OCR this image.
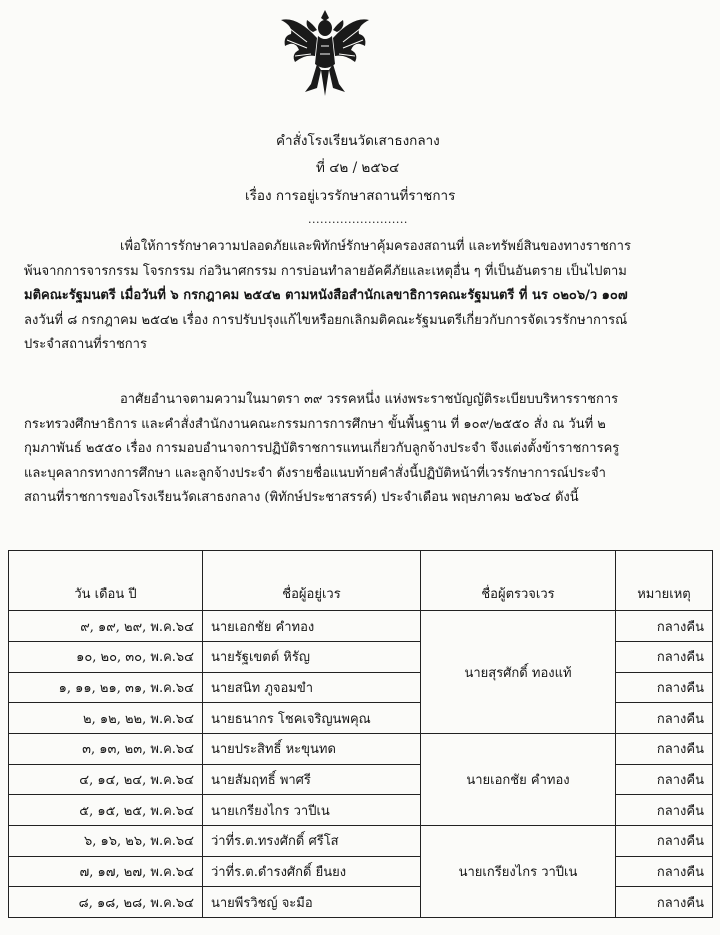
คำสั่งโรงเรียนวัดเสาธงกลาง
ที่ ๔๒ / ๒๕๖๔
เรื่อง การอยู่เวรรักษาสถานที่ราชการ
.........................
เพื่อให้การรักษาความปลอดภัยและพิทักษ์รักษาคุ้มครองสถานที่ และทรัพย์สินของทางราชการ
พ้นจากการจารกรรม โจรกรรม ก่อวินาศกรรม การบ่อนทำลายอัคคีภัยและเหตุอื่น ๆ ที่เป็นอันตราย เป็นไปตาม
มติคณะรัฐมนตรี เมื่อวันที่ ๖ กรกฎาคม ๒๕๔๒ ตามหนังสือสำนักเลขาธิการคณะรัฐมนตรี ที่ นร ๐๒๐๖/ว ๑๐๗
ลงวันที่ ๘ กรกฎาคม ๒๕๔๒ เรื่อง การปรับปรุงแก้ไขหรือยกเลิกมติคณะรัฐมนตรีเกี่ยวกับการจัดเวรรักษาการณ์
ประจำสถานที่ราชการ
อาศัยอำนาจตามความในมาตรา ๓๙ วรรคหนึ่ง แห่งพระราชบัญญัติระเบียบบริหารราชการ
กระทรวงศึกษาธิการ และคำสั่งสำนักงานคณะกรรมการการศึกษา ขั้นพื้นฐาน ที่ ๑๐๙/๒๕๕๐ สั่ง ณ วันที่ ๒
กุมภาพันธ์ ๒๕๕๐ เรื่อง การมอบอำนาจการปฏิบัติราชการแทนเกี่ยวกับลูกจ้างประจำ จึงแต่งตั้งข้าราชการครู
และบุคลากรทางการศึกษา และลูกจ้างประจำ ดังรายชื่อแนบท้ายคำสั่งนี้ปฏิบัติหน้าที่เวรรักษาการณ์ประจำ
สถานที่ราชการของโรงเรียนวัดเสาธงกลาง (พิทักษ์ประชาสรรค์) ประจำเดือน พฤษภาคม ๒๕๖๔ ดังนี้
วัน เดือน ปี	ชื่อผู้อยู่เวร	ชื่อผู้ตรวจเวร	หมายเหตุ
๙, ๑๙, ๒๙, พ.ค.๖๔	นายเอกชัย คำทอง	นายสุรศักดิ์ ทองแท้	กลางคืน
๑๐, ๒๐, ๓๐, พ.ค.๖๔	นายรัฐเขตต์ หิรัญ		กลางคืน
๑, ๑๑, ๒๑, ๓๑, พ.ค.๖๔	นายสนิท ภูจอมขำ		กลางคืน
๒, ๑๒, ๒๒, พ.ค.๖๔	นายธนากร โชคเจริญนพคุณ		กลางคืน
๓, ๑๓, ๒๓, พ.ค.๖๔	นายประสิทธิ์ หะขุนทด	นายเอกชัย คำทอง	กลางคืน
๔, ๑๔, ๒๔, พ.ค.๖๔	นายสัมฤทธิ์ พาศรี		กลางคืน
๕, ๑๕, ๒๕, พ.ค.๖๔	นายเกรียงไกร วาปีเน		กลางคืน
๖, ๑๖, ๒๖, พ.ค.๖๔	ว่าที่ร.ต.ทรงศักดิ์ ศรีโส	นายเกรียงไกร วาปีเน	กลางคืน
๗, ๑๗, ๒๗, พ.ค.๖๔	ว่าที่ร.ต.ดำรงศักดิ์ ยืนยง		กลางคืน
๘, ๑๘, ๒๘, พ.ค.๖๔	นายพีรวิชญ์ จะมือ		กลางคืน
